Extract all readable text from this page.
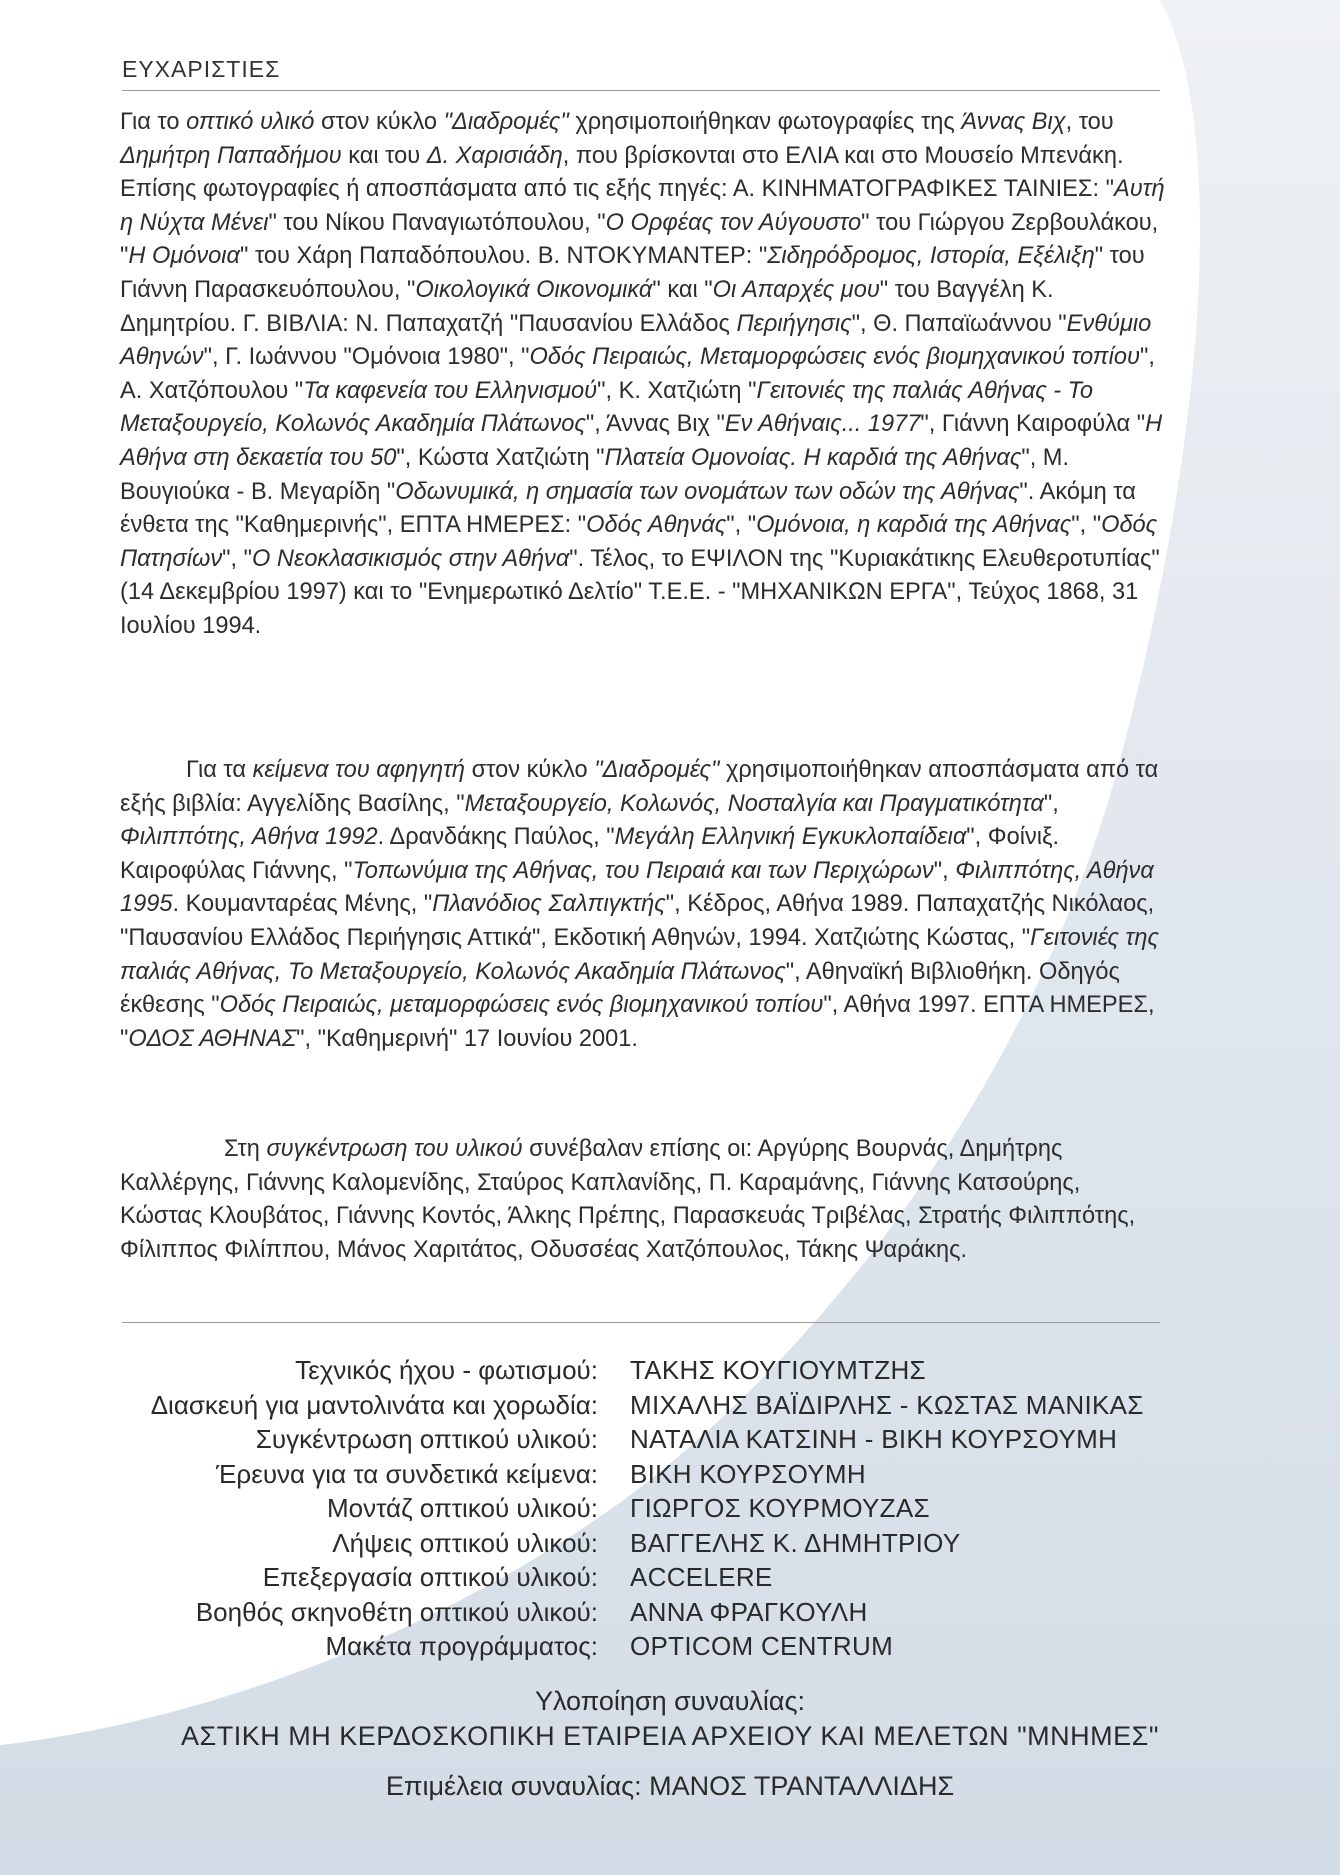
ΕΥΧΑΡΙΣΤΙΕΣ
Για το οπτικό υλικό στον κύκλο "Διαδρομές" χρησιμοποιήθηκαν φωτογραφίες της Άννας Βιχ, του Δημήτρη Παπαδήμου και του Δ. Χαρισιάδη, που βρίσκονται στο ΕΛΙΑ και στο Μουσείο Μπενάκη. Επίσης φωτογραφίες ή αποσπάσματα από τις εξής πηγές: Α. ΚΙΝΗΜΑΤΟΓΡΑΦΙΚΕΣ ΤΑΙΝΙΕΣ: "Αυτή η Νύχτα Μένει" του Νίκου Παναγιωτόπουλου, "Ο Ορφέας τον Αύγουστο" του Γιώργου Ζερβουλάκου, "Η Ομόνοια" του Χάρη Παπαδόπουλου. Β. ΝΤΟΚΥΜΑΝΤΕΡ: "Σιδηρόδρομος, Ιστορία, Εξέλιξη" του Γιάννη Παρασκευόπουλου, "Οικολογικά Οικονομικά" και "Οι Απαρχές μου" του Βαγγέλη Κ. Δημητρίου. Γ. ΒΙΒΛΙΑ: Ν. Παπαχατζή "Παυσανίου Ελλάδος Περιήγησις", Θ. Παπαϊωάννου "Ενθύμιο Αθηνών", Γ. Ιωάννου "Ομόνοια 1980", "Οδός Πειραιώς, Μεταμορφώσεις ενός βιομηχανικού τοπίου", Α. Χατζόπουλου "Τα καφενεία του Ελληνισμού", Κ. Χατζιώτη "Γειτονιές της παλιάς Αθήνας - Το Μεταξουργείο, Κολωνός Ακαδημία Πλάτωνος", Άννας Βιχ "Εν Αθήναις... 1977", Γιάννη Καιροφύλα "Η Αθήνα στη δεκαετία του 50", Κώστα Χατζιώτη "Πλατεία Ομονοίας. Η καρδιά της Αθήνας", Μ. Βουγιούκα - Β. Μεγαρίδη "Οδωνυμικά, η σημασία των ονομάτων των οδών της Αθήνας". Ακόμη τα ένθετα της "Καθημερινής", ΕΠΤΑ ΗΜΕΡΕΣ: "Οδός Αθηνάς", "Ομόνοια, η καρδιά της Αθήνας", "Οδός Πατησίων", "Ο Νεοκλασικισμός στην Αθήνα". Τέλος, το ΕΨΙΛΟΝ της "Κυριακάτικης Ελευθεροτυπίας" (14 Δεκεμβρίου 1997) και το "Ενημερωτικό Δελτίο" Τ.Ε.Ε. - "ΜΗΧΑΝΙΚΩΝ ΕΡΓΑ", Τεύχος 1868, 31 Ιουλίου 1994.
Για τα κείμενα του αφηγητή στον κύκλο "Διαδρομές" χρησιμοποιήθηκαν αποσπάσματα από τα εξής βιβλία: Αγγελίδης Βασίλης, "Μεταξουργείο, Κολωνός, Νοσταλγία και Πραγματικότητα", Φιλιππότης, Αθήνα 1992. Δρανδάκης Παύλος, "Μεγάλη Ελληνική Εγκυκλοπαίδεια", Φοίνιξ. Καιροφύλας Γιάννης, "Τοπωνύμια της Αθήνας, του Πειραιά και των Περιχώρων", Φιλιππότης, Αθήνα 1995. Κουμανταρέας Μένης, "Πλανόδιος Σαλπιγκτής", Κέδρος, Αθήνα 1989. Παπαχατζής Νικόλαος, "Παυσανίου Ελλάδος Περιήγησις Αττικά", Εκδοτική Αθηνών, 1994. Χατζιώτης Κώστας, "Γειτονιές της παλιάς Αθήνας, Το Μεταξουργείο, Κολωνός Ακαδημία Πλάτωνος", Αθηναϊκή Βιβλιοθήκη. Οδηγός έκθεσης "Οδός Πειραιώς, μεταμορφώσεις ενός βιομηχανικού τοπίου", Αθήνα 1997. ΕΠΤΑ ΗΜΕΡΕΣ, "ΟΔΟΣ ΑΘΗΝΑΣ", "Καθημερινή" 17 Ιουνίου 2001.
Στη συγκέντρωση του υλικού συνέβαλαν επίσης οι: Αργύρης Βουρνάς, Δημήτρης Καλλέργης, Γιάννης Καλομενίδης, Σταύρος Καπλανίδης, Π. Καραμάνης, Γιάννης Κατσούρης, Κώστας Κλουβάτος, Γιάννης Κοντός, Άλκης Πρέπης, Παρασκευάς Τριβέλας, Στρατής Φιλιππότης, Φίλιππος Φιλίππου, Μάνος Χαριτάτος, Οδυσσέας Χατζόπουλος, Τάκης Ψαράκης.
Τεχνικός ήχου - φωτισμού:	ΤΑΚΗΣ ΚΟΥΓΙΟΥΜΤΖΗΣ
Διασκευή για μαντολινάτα και χορωδία:	ΜΙΧΑΛΗΣ ΒΑΪΔΙΡΛΗΣ - ΚΩΣΤΑΣ ΜΑΝΙΚΑΣ
Συγκέντρωση οπτικού υλικού:	ΝΑΤΑΛΙΑ ΚΑΤΣΙΝΗ - ΒΙΚΗ ΚΟΥΡΣΟΥΜΗ
Έρευνα για τα συνδετικά κείμενα:	ΒΙΚΗ ΚΟΥΡΣΟΥΜΗ
Μοντάζ οπτικού υλικού:	ΓΙΩΡΓΟΣ ΚΟΥΡΜΟΥΖΑΣ
Λήψεις οπτικού υλικού:	ΒΑΓΓΕΛΗΣ Κ. ΔΗΜΗΤΡΙΟΥ
Επεξεργασία οπτικού υλικού:	ACCELERE
Βοηθός σκηνοθέτη οπτικού υλικού:	ΑΝΝΑ ΦΡΑΓΚΟΥΛΗ
Μακέτα προγράμματος:	OPTICOM CENTRUM
Υλοποίηση συναυλίας:
ΑΣΤΙΚΗ ΜΗ ΚΕΡΔΟΣΚΟΠΙΚΗ ΕΤΑΙΡΕΙΑ ΑΡΧΕΙΟΥ ΚΑΙ ΜΕΛΕΤΩΝ "ΜΝΗΜΕΣ"
Επιμέλεια συναυλίας: ΜΑΝΟΣ ΤΡΑΝΤΑΛΛΙΔΗΣ
